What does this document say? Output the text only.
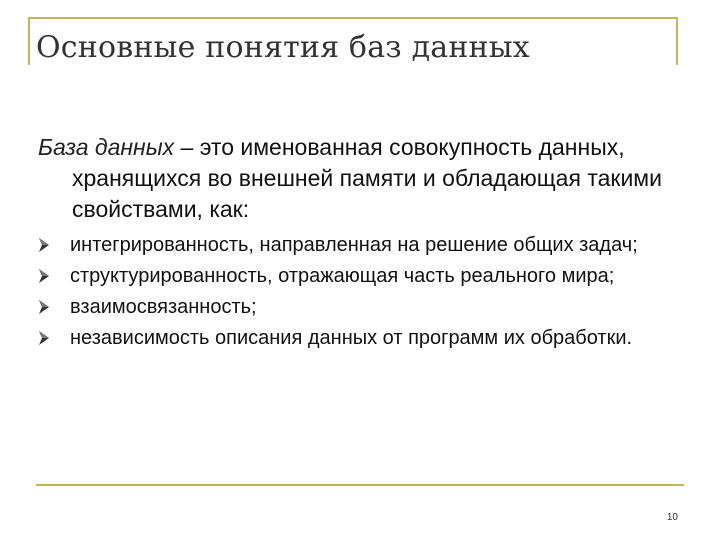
Основные понятия баз данных

База данных – это именованная совокупность данных, хранящихся во внешней памяти и обладающая такими свойствами, как:

интегрированность, направленная на решение общих задач;
структурированность, отражающая часть реального мира;
взаимосвязанность;
независимость описания данных от программ их обработки.
10
